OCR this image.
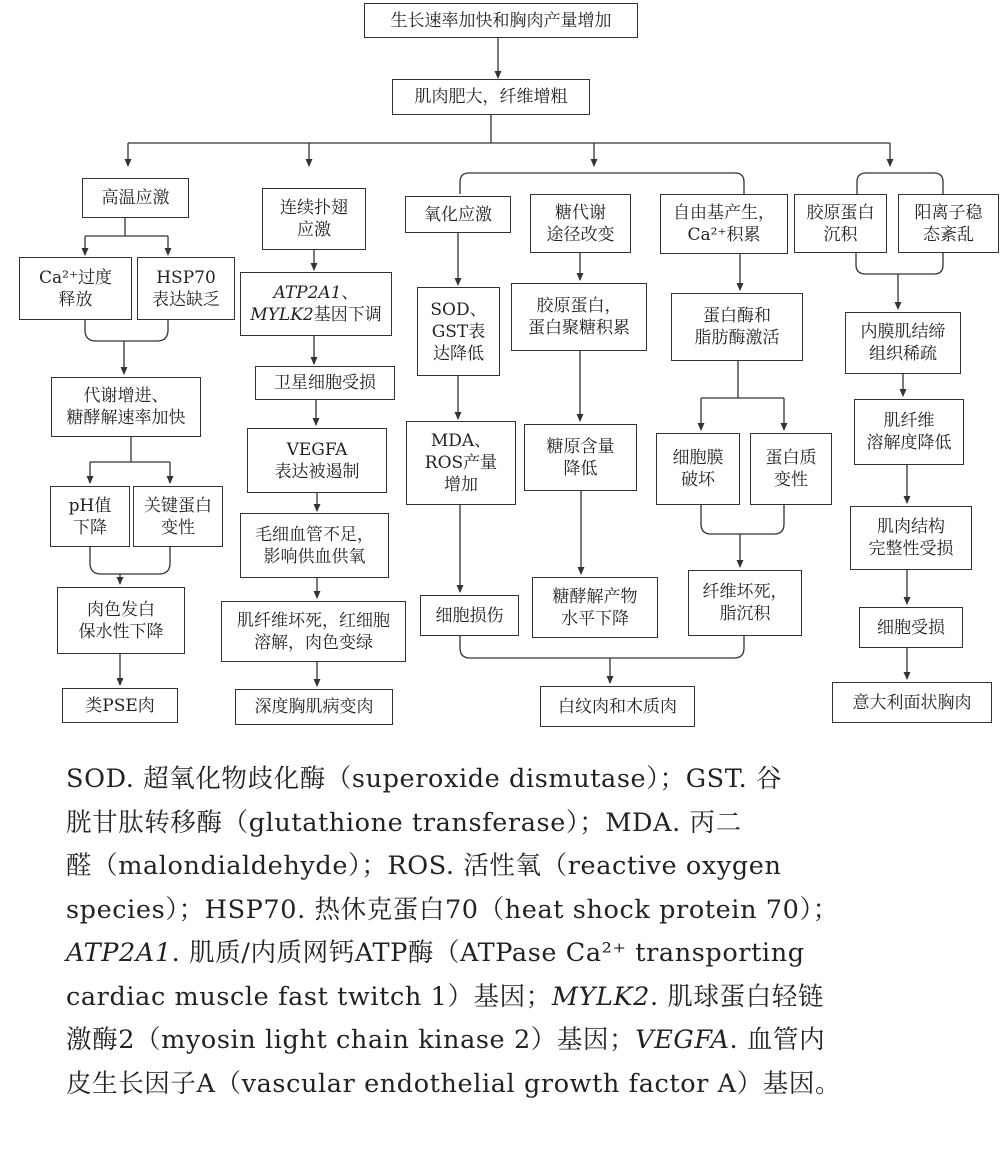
生长速率加快和胸肉产量增加
肌肉肥大，纤维增粗
高温应激
Ca²⁺过度
释放
HSP70
表达缺乏
代谢增进、
糖酵解速率加快
pH值
下降
关键蛋白
变性
肉色发白
保水性下降
类PSE肉
连续扑翅
应激
ATP2A1、
MYLK2基因下调
卫星细胞受损
VEGFA
表达被遏制
毛细血管不足，
影响供血供氧
肌纤维坏死，红细胞
溶解，肉色变绿
深度胸肌病变肉
氧化应激
SOD、
GST表
达降低
MDA、
ROS产量
增加
细胞损伤
糖代谢
途径改变
胶原蛋白，
蛋白聚糖积累
糖原含量
降低
糖酵解产物
水平下降
自由基产生，
Ca²⁺积累
蛋白酶和
脂肪酶激活
细胞膜
破坏
蛋白质
变性
纤维坏死，
脂沉积
白纹肉和木质肉
胶原蛋白
沉积
阳离子稳
态紊乱
内膜肌结缔
组织稀疏
肌纤维
溶解度降低
肌肉结构
完整性受损
细胞受损
意大利面状胸肉
SOD. 超氧化物歧化酶（superoxide dismutase）；GST. 谷
胱甘肽转移酶（glutathione transferase）；MDA. 丙二
醛（malondialdehyde）；ROS. 活性氧（reactive oxygen
species）；HSP70. 热休克蛋白70（heat shock protein 70）；
ATP2A1. 肌质/内质网钙ATP酶（ATPase Ca²⁺ transporting
cardiac muscle fast twitch 1）基因；MYLK2. 肌球蛋白轻链
激酶2（myosin light chain kinase 2）基因；VEGFA. 血管内
皮生长因子A（vascular endothelial growth factor A）基因。
